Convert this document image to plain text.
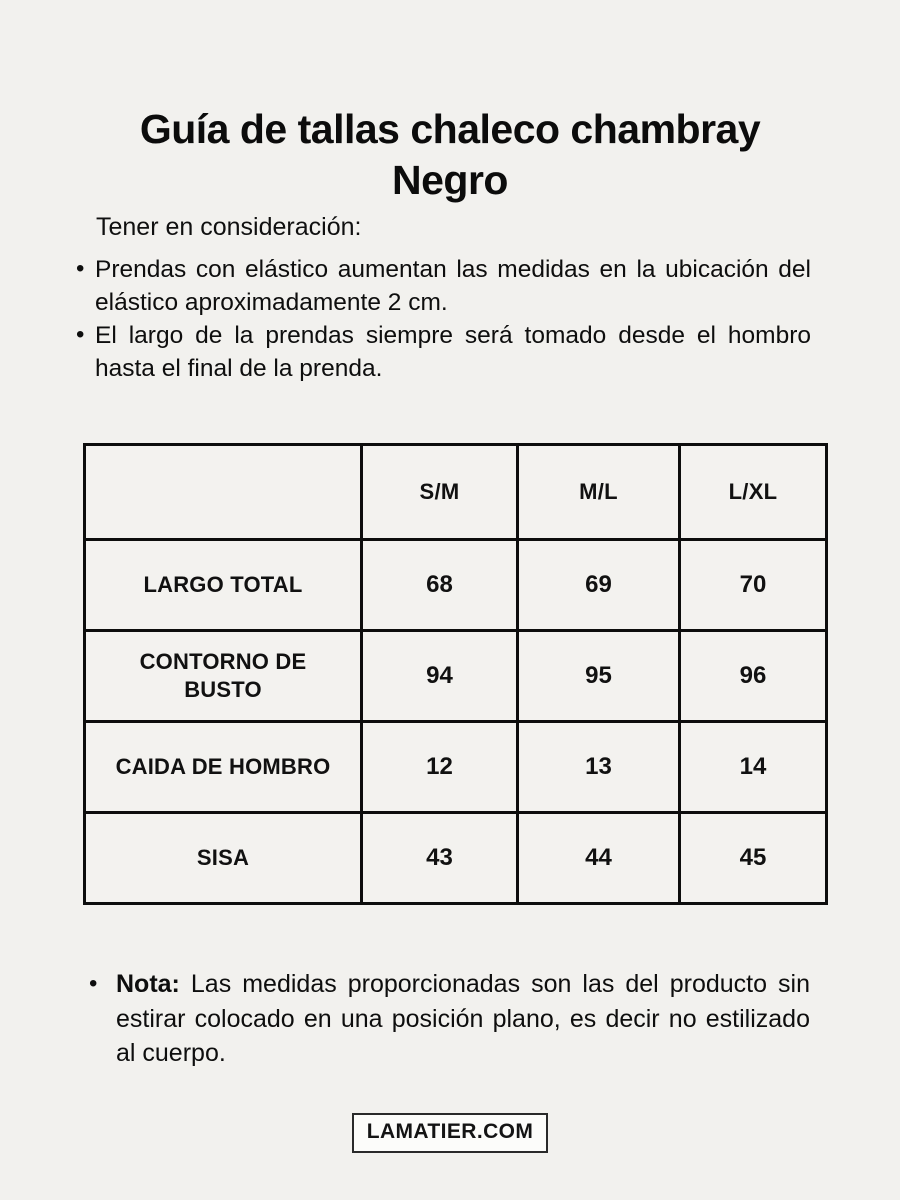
Guía de tallas chaleco chambray
Negro

Tener en consideración:

• Prendas con elástico aumentan las medidas en la ubicación del elástico aproximadamente 2 cm.
• El largo de la prendas siempre será tomado desde el hombro hasta el final de la prenda.
	S/M	M/L	L/XL
LARGO TOTAL	68	69	70
CONTORNO DE BUSTO	94	95	96
CAIDA DE HOMBRO	12	13	14
SISA	43	44	45
• Nota: Las medidas proporcionadas son las del producto sin estirar colocado en una posición plano, es decir no estilizado al cuerpo.
LAMATIER.COM
